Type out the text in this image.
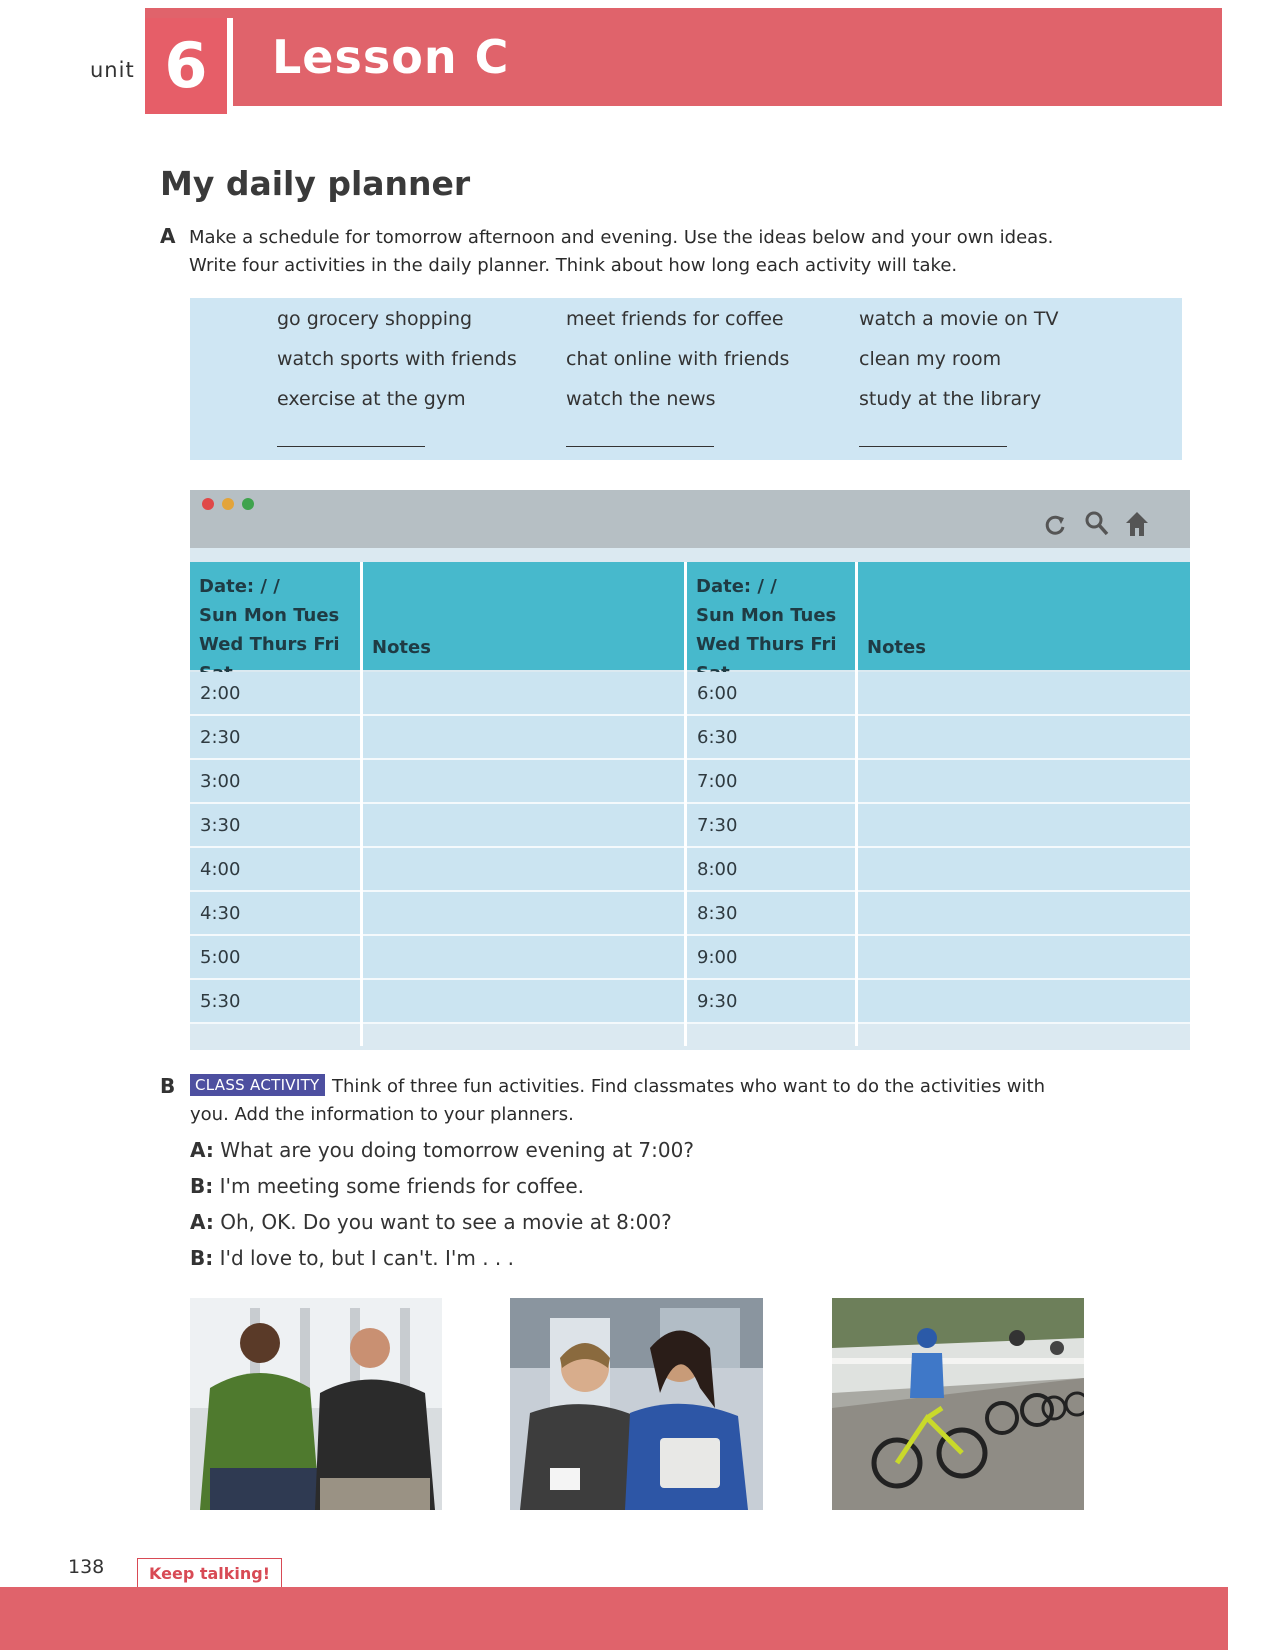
unit 6	Lesson C
My daily planner
A Make a schedule for tomorrow afternoon and evening. Use the ideas below and your own ideas.
Write four activities in the daily planner. Think about how long each activity will take.
go grocery shopping	meet friends for coffee	watch a movie on TV
watch sports with friends	chat online with friends	clean my room
exercise at the gym	watch the news	study at the library
Date: / /
Sun Mon Tues
Wed Thurs Fri	Notes
Date: / /
Sun Mon Tues
Wed Thurs Fri	Notes
2:00	6:00
2:30	6:30
3:00	7:00
3:30	7:30
4:00	8:00
4:30	8:30
5:00	9:00
5:30	9:30
B	CLASS ACTIVITY Think of three fun activities. Find classmates who want to do the activities with
you. Add the information to your planners.
A: What are you doing tomorrow evening at 7:00?
B: I'm meeting some friends for coffee.
A: Oh, OK. Do you want to see a movie at 8:00?
B: I'd love to, but I can't. I'm . . .
138	Keep talking!
